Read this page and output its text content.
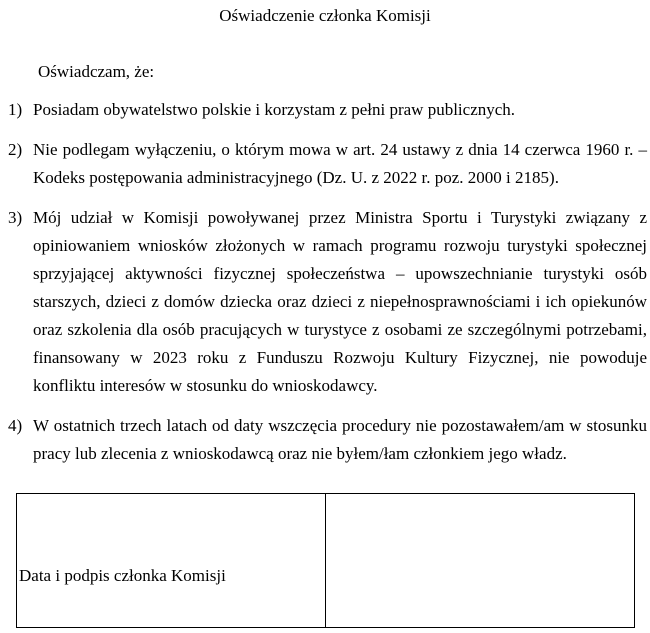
Oświadczenie członka Komisji
Oświadczam, że:
1) Posiadam obywatelstwo polskie i korzystam z pełni praw publicznych.
2) Nie podlegam wyłączeniu, o którym mowa w art. 24 ustawy z dnia 14 czerwca 1960 r. – Kodeks postępowania administracyjnego (Dz. U. z 2022 r. poz. 2000 i 2185).
3) Mój udział w Komisji powoływanej przez Ministra Sportu i Turystyki związany z opiniowaniem wniosków złożonych w ramach programu rozwoju turystyki społecznej sprzyjającej aktywności fizycznej społeczeństwa – upowszechnianie turystyki osób starszych, dzieci z domów dziecka oraz dzieci z niepełnosprawnościami i ich opiekunów oraz szkolenia dla osób pracujących w turystyce z osobami ze szczególnymi potrzebami, finansowany w 2023 roku z Funduszu Rozwoju Kultury Fizycznej, nie powoduje konfliktu interesów w stosunku do wnioskodawcy.
4) W ostatnich trzech latach od daty wszczęcia procedury nie pozostawałem/am w stosunku pracy lub zlecenia z wnioskodawcą oraz nie byłem/łam członkiem jego władz.
Data i podpis członka Komisji
